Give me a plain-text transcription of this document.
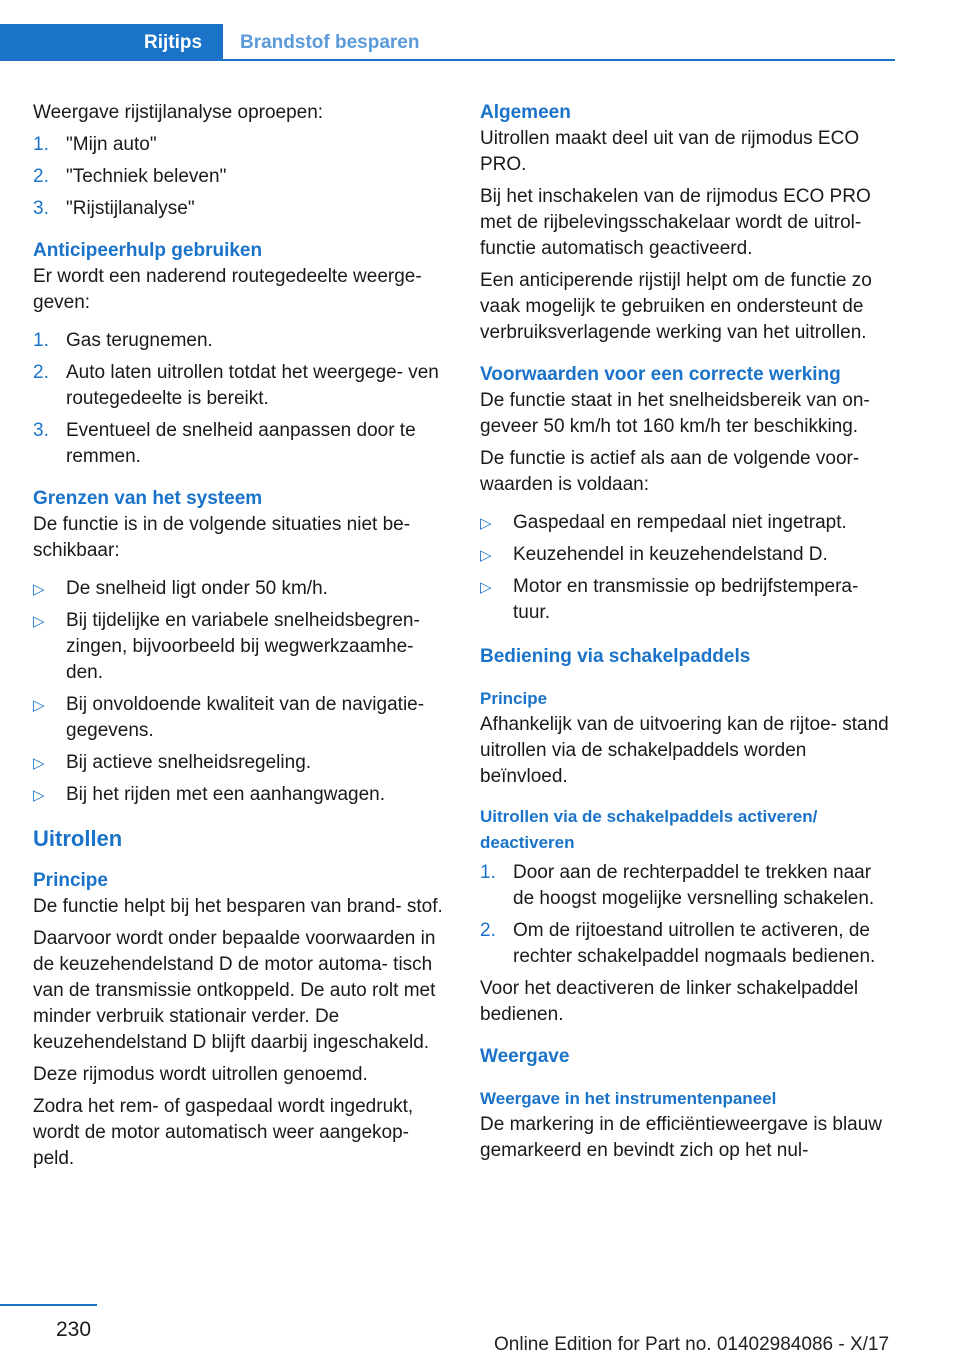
Rijtips	Brandstof besparen

Weergave rijstijlanalyse oproepen:

1. "Mijn auto"
2. "Techniek beleven"
3. "Rijstijlanalyse"
Anticipeerhulp gebruiken

Er wordt een naderend routegedeelte weerge‐ geven:

1. Gas terugnemen.
2. Auto laten uitrollen totdat het weergege‐ ven routegedeelte is bereikt.
3. Eventueel de snelheid aanpassen door te remmen.
Grenzen van het systeem

De functie is in de volgende situaties niet be‐ schikbaar:

▷ De snelheid ligt onder 50 km/h.
▷ Bij tijdelijke en variabele snelheidsbegren‐ zingen, bijvoorbeeld bij wegwerkzaamhe‐ den.
▷ Bij onvoldoende kwaliteit van de navigatie‐ gegevens.
▷ Bij actieve snelheidsregeling.
▷ Bij het rijden met een aanhangwagen.
Uitrollen
Principe

De functie helpt bij het besparen van brand‐ stof.

Daarvoor wordt onder bepaalde voorwaarden in de keuzehendelstand D de motor automa‐ tisch van de transmissie ontkoppeld. De auto rolt met minder verbruik stationair verder. De keuzehendelstand D blijft daarbij ingeschakeld.

Deze rijmodus wordt uitrollen genoemd.

Zodra het rem- of gaspedaal wordt ingedrukt, wordt de motor automatisch weer aangekop‐ peld.

Algemeen

Uitrollen maakt deel uit van de rijmodus ECO PRO.

Bij het inschakelen van de rijmodus ECO PRO met de rijbelevingsschakelaar wordt de uitrol‐ functie automatisch geactiveerd.

Een anticiperende rijstijl helpt om de functie zo vaak mogelijk te gebruiken en ondersteunt de verbruiksverlagende werking van het uitrollen.

Voorwaarden voor een correcte werking

De functie staat in het snelheidsbereik van on‐ geveer 50 km/h tot 160 km/h ter beschikking.

De functie is actief als aan de volgende voor‐ waarden is voldaan:

▷ Gaspedaal en rempedaal niet ingetrapt.
▷ Keuzehendel in keuzehendelstand D.
▷ Motor en transmissie op bedrijfstempera‐ tuur.
Bediening via schakelpaddels
Principe

Afhankelijk van de uitvoering kan de rijtoe‐ stand uitrollen via de schakelpaddels worden beïnvloed.

Uitrollen via de schakelpaddels activeren/ deactiveren
1. Door aan de rechterpaddel te trekken naar de hoogst mogelijke versnelling schakelen.
2. Om de rijtoestand uitrollen te activeren, de rechter schakelpaddel nogmaals bedienen.

Voor het deactiveren de linker schakelpaddel bedienen.

Weergave
Weergave in het instrumentenpaneel

De markering in de efficiëntieweergave is blauw gemarkeerd en bevindt zich op het nul‐

230
Online Edition for Part no. 01402984086 - X/17
